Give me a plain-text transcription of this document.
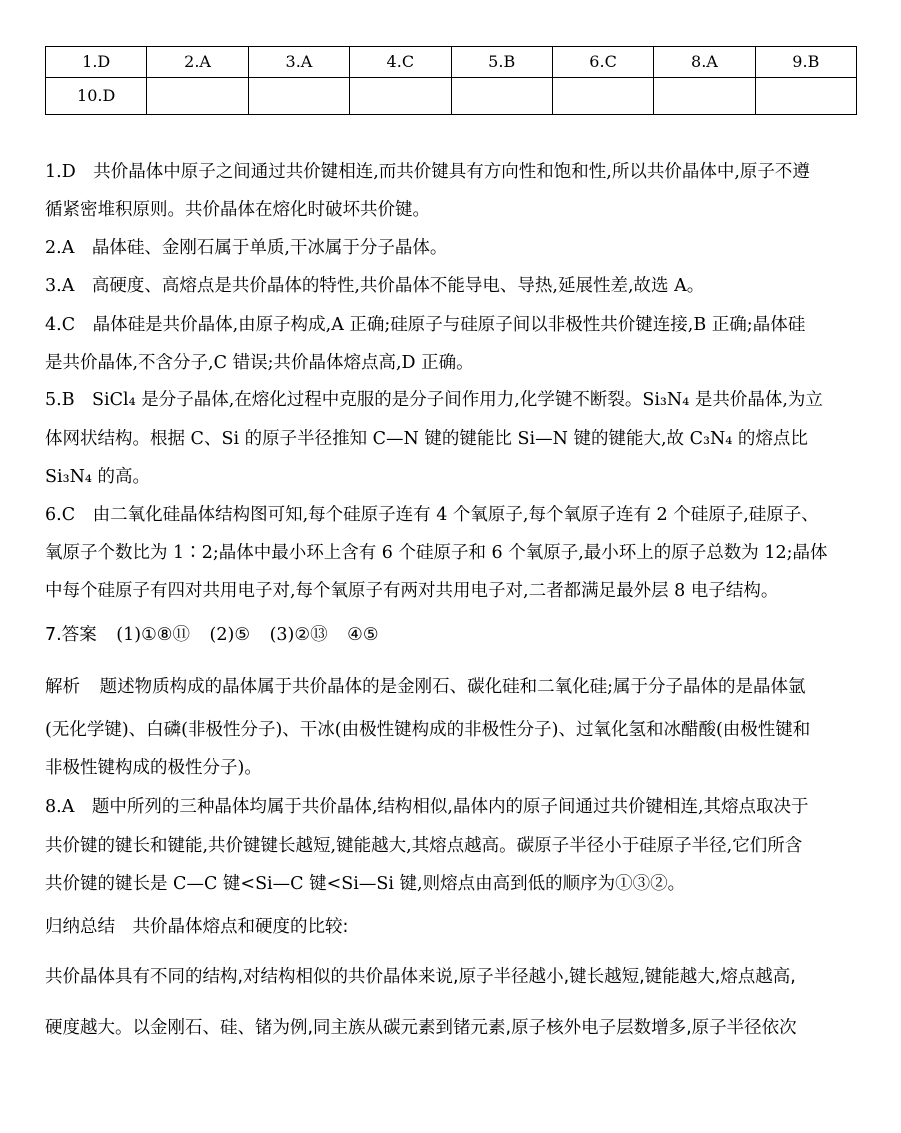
1.D	2.A	3.A	4.C	5.B	6.C	8.A	9.B
10.D							
1.D　共价晶体中原子之间通过共价键相连,而共价键具有方向性和饱和性,所以共价晶体中,原子不遵
循紧密堆积原则。共价晶体在熔化时破坏共价键。
2.A　晶体硅、金刚石属于单质,干冰属于分子晶体。
3.A　高硬度、高熔点是共价晶体的特性,共价晶体不能导电、导热,延展性差,故选 A。
4.C　晶体硅是共价晶体,由原子构成,A 正确;硅原子与硅原子间以非极性共价键连接,B 正确;晶体硅
是共价晶体,不含分子,C 错误;共价晶体熔点高,D 正确。
5.B　SiCl₄ 是分子晶体,在熔化过程中克服的是分子间作用力,化学键不断裂。Si₃N₄ 是共价晶体,为立
体网状结构。根据 C、Si 的原子半径推知 C—N 键的键能比 Si—N 键的键能大,故 C₃N₄ 的熔点比
Si₃N₄ 的高。
6.C　由二氧化硅晶体结构图可知,每个硅原子连有 4 个氧原子,每个氧原子连有 2 个硅原子,硅原子、
氧原子个数比为 1∶2;晶体中最小环上含有 6 个硅原子和 6 个氧原子,最小环上的原子总数为 12;晶体
中每个硅原子有四对共用电子对,每个氧原子有两对共用电子对,二者都满足最外层 8 电子结构。
7.答案 (1)①⑧⑪ (2)⑤ (3)②⑬ ④⑤
解析 题述物质构成的晶体属于共价晶体的是金刚石、碳化硅和二氧化硅;属于分子晶体的是晶体氩
(无化学键)、白磷(非极性分子)、干冰(由极性键构成的非极性分子)、过氧化氢和冰醋酸(由极性键和
非极性键构成的极性分子)。
8.A　题中所列的三种晶体均属于共价晶体,结构相似,晶体内的原子间通过共价键相连,其熔点取决于
共价键的键长和键能,共价键键长越短,键能越大,其熔点越高。碳原子半径小于硅原子半径,它们所含
共价键的键长是 C—C 键<Si—C 键<Si—Si 键,则熔点由高到低的顺序为①③②。
归纳总结　共价晶体熔点和硬度的比较:
共价晶体具有不同的结构,对结构相似的共价晶体来说,原子半径越小,键长越短,键能越大,熔点越高,
硬度越大。以金刚石、硅、锗为例,同主族从碳元素到锗元素,原子核外电子层数增多,原子半径依次
